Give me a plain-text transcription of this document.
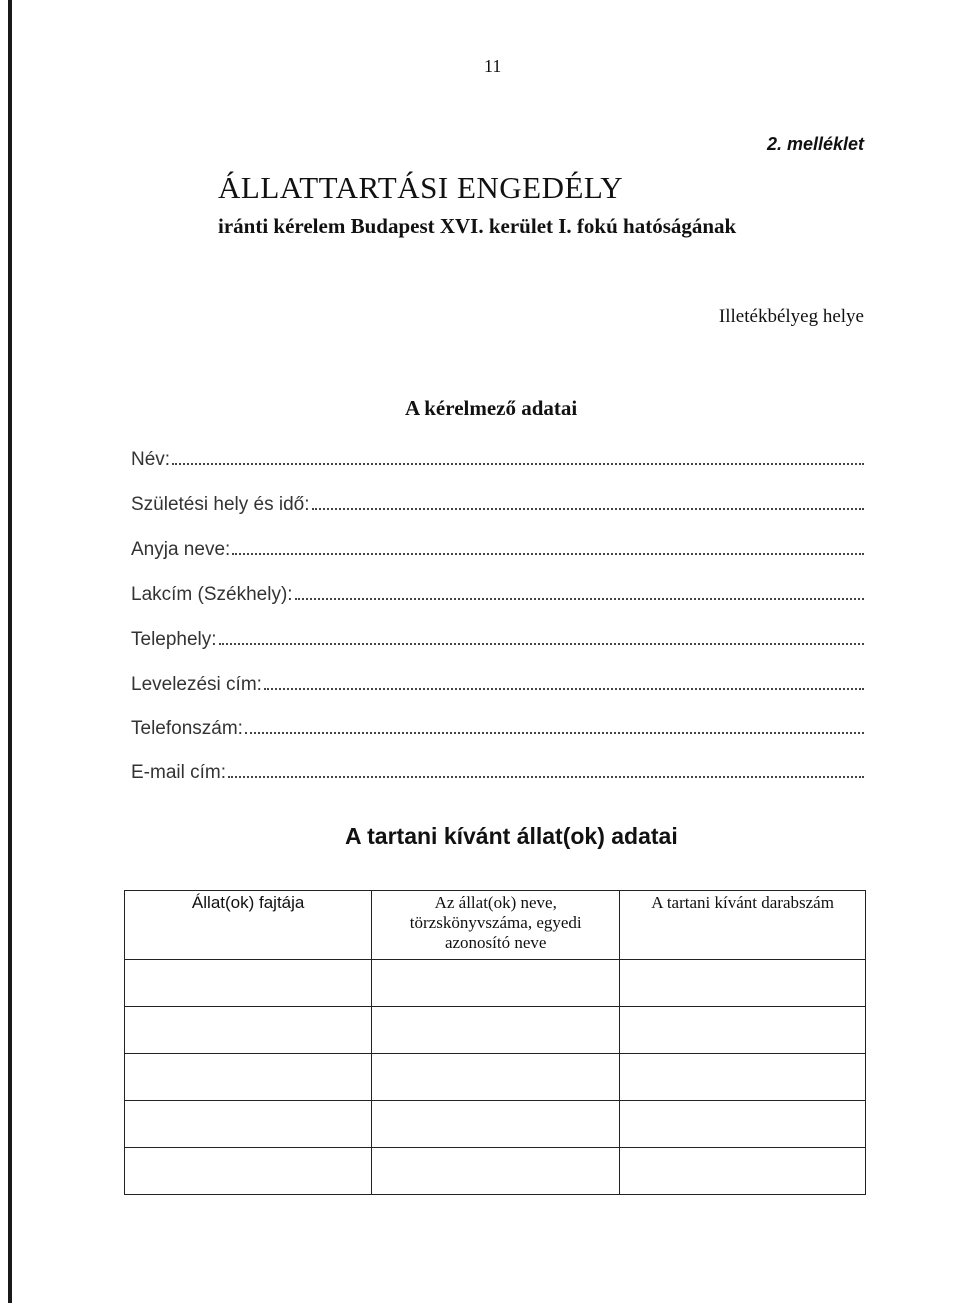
11
2. melléklet
ÁLLATTARTÁSI ENGEDÉLY
iránti kérelem Budapest XVI. kerület I. fokú hatóságának
Illetékbélyeg helye
A kérelmező adatai
Név:
Születési hely és idő:
Anyja neve:
Lakcím (Székhely):
Telephely:
Levelezési cím:
Telefonszám:
E-mail cím:
A tartani kívánt állat(ok) adatai
Állat(ok) fajtája	Az állat(ok) neve, törzskönyvszáma, egyedi azonosító neve	A tartani kívánt darabszám
